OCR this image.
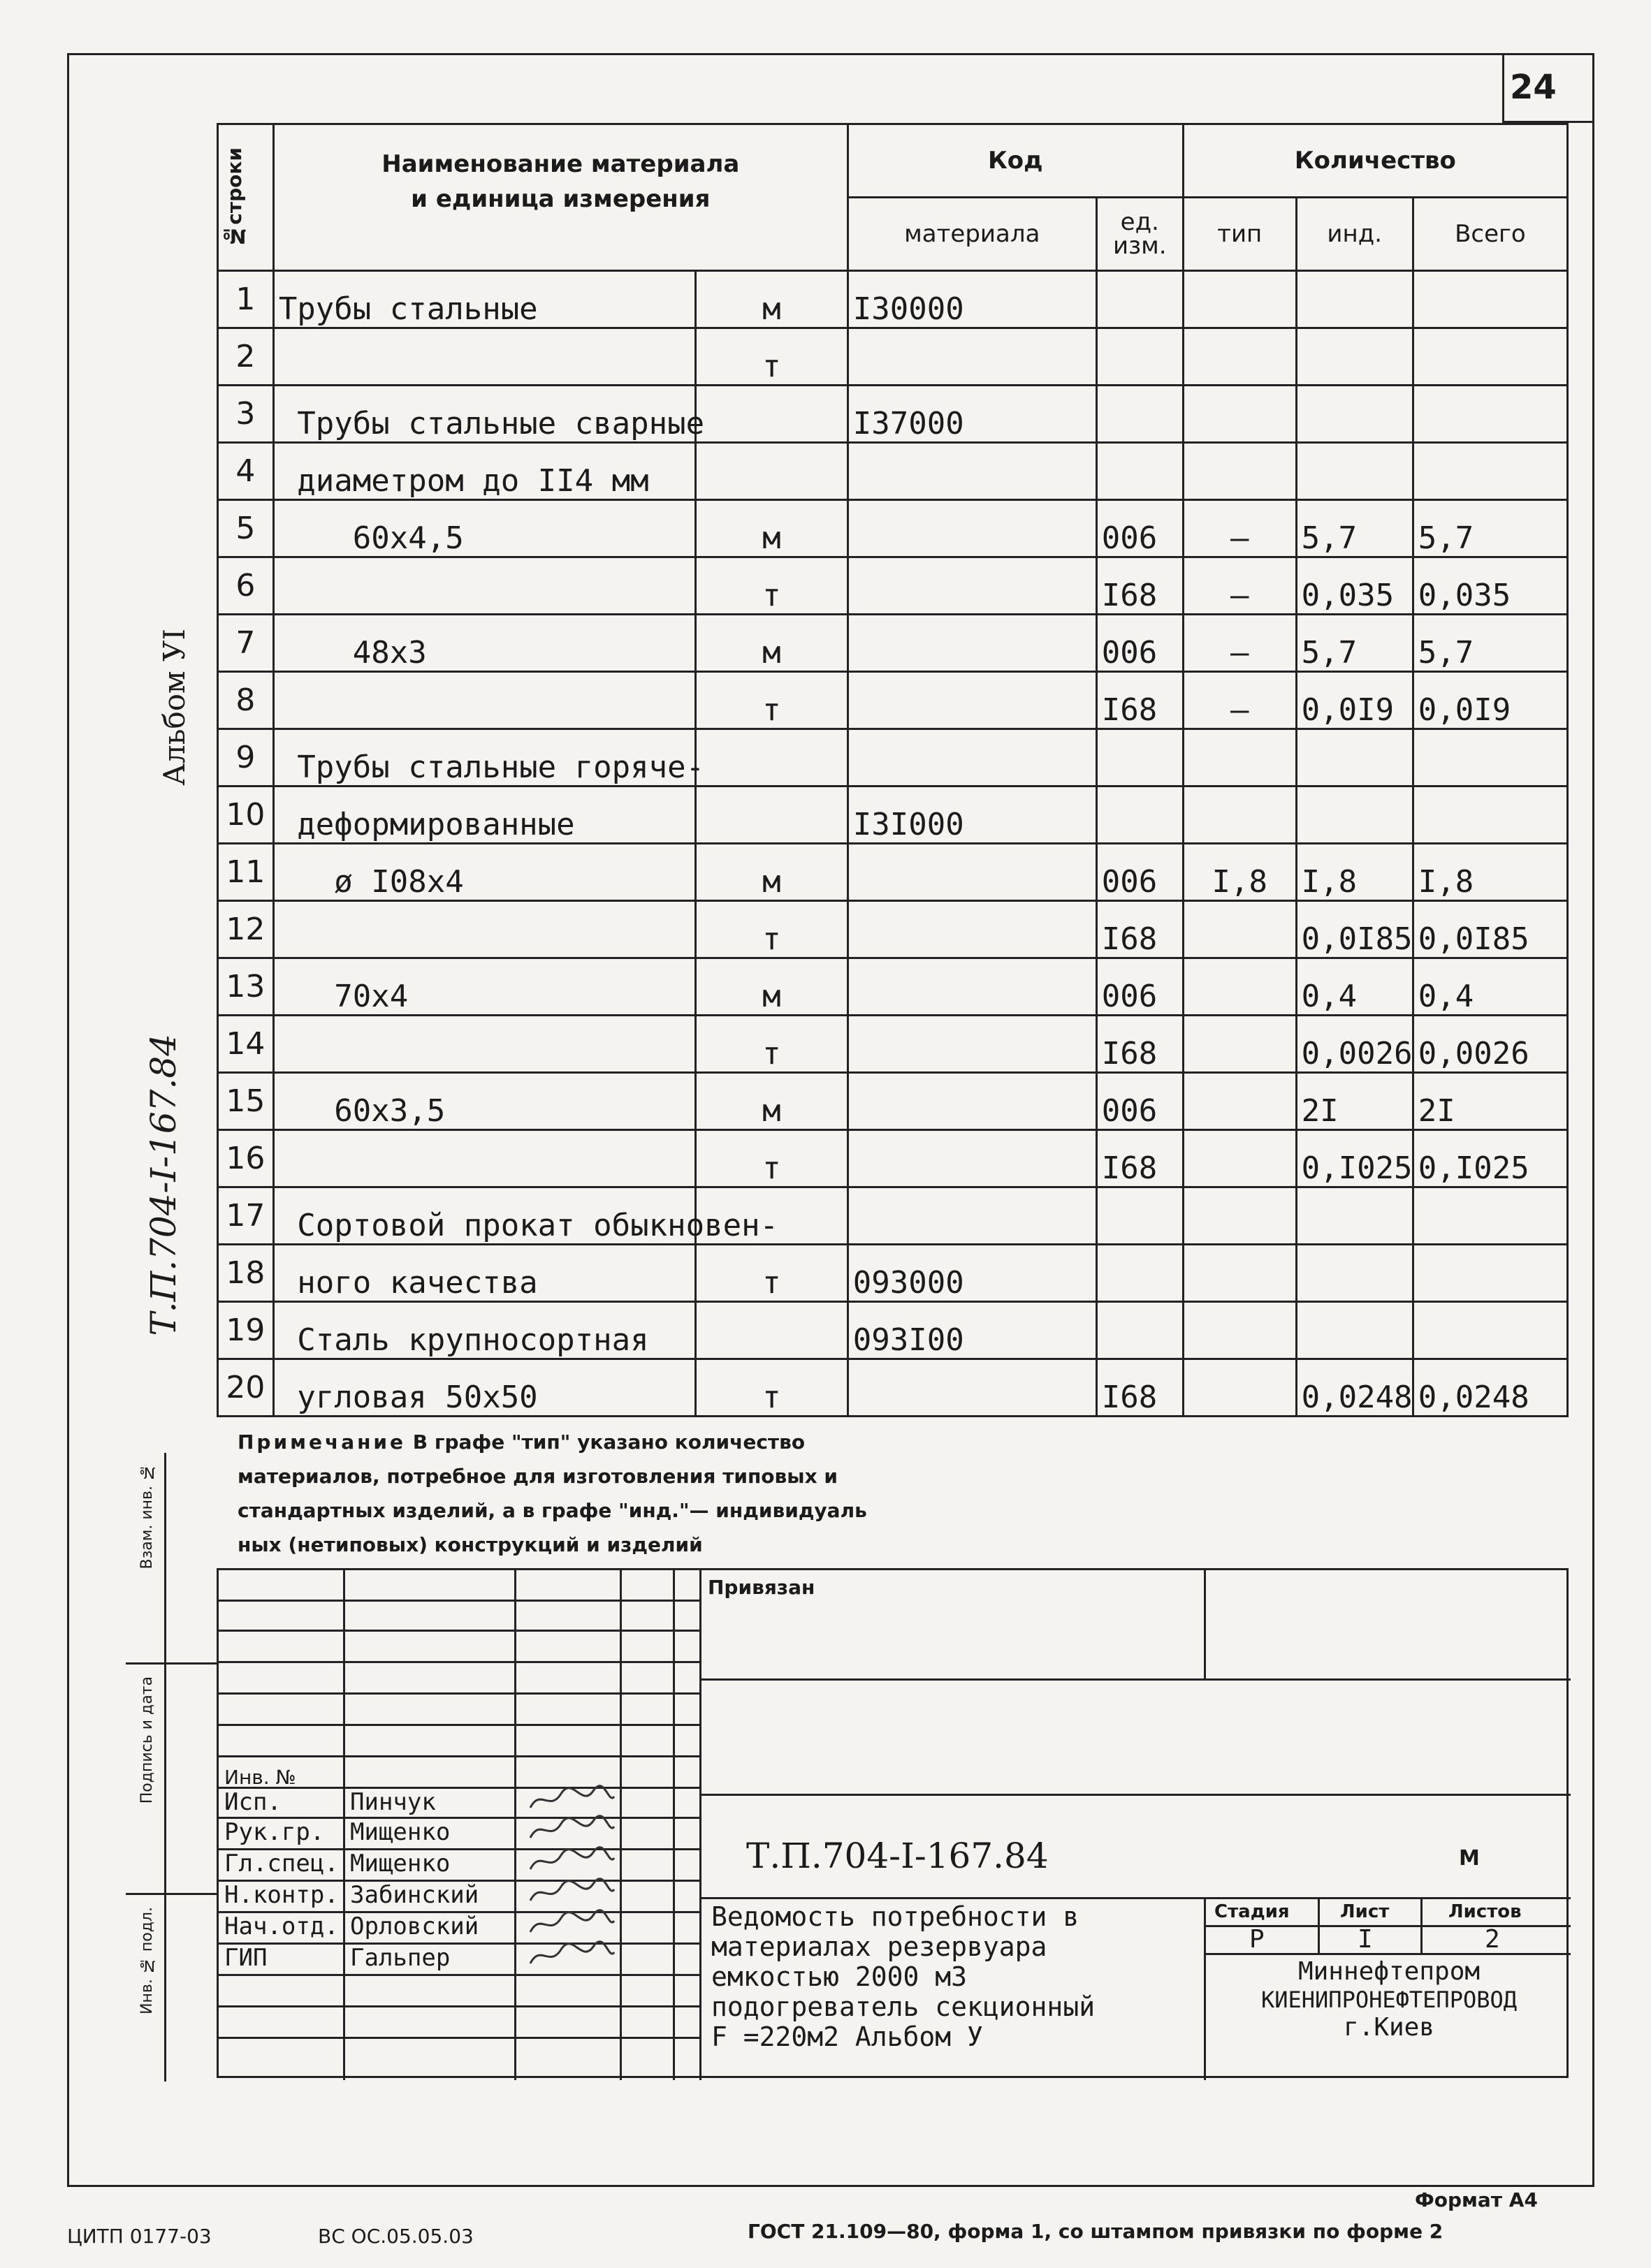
24
Альбом УI
Т.П.704-I-167.84
Взам. инв. №
Подпись и дата
Инв. № подл.
№строки	Наименование материала
и единица измерения		Код		Количество		
			материала	ед. изм.	тип	инд.	Всего
1	Трубы стальные	м	I30000				
2		т					
3	Трубы стальные сварные		I37000				
4	диаметром до II4 мм						
5	60х4,5	м		006	–	5,7	5,7
6		т		I68	–	0,035	0,035
7	48х3	м		006	–	5,7	5,7
8		т		I68	–	0,0I9	0,0I9
9	Трубы стальные горяче-						
10	деформированные		I3I000				
11	ø I08х4	м		006	I,8	I,8	I,8
12		т		I68		0,0I85	0,0I85
13	70х4	м		006		0,4	0,4
14		т		I68		0,0026	0,0026
15	60х3,5	м		006		2I	2I
16		т		I68		0,I025	0,I025
17	Сортовой прокат обыкновен-						
18	ного качества	т	093000				
19	Сталь крупносортная		093I00				
20	угловая 50х50	т		I68		0,0248	0,0248
Примечание В графе "тип" указано количество
материалов, потребное для изготовления типовых и
стандартных изделий, а в графе "инд."— индивидуаль
ных (нетиповых) конструкций и изделий
Привязан
Инв. №
Исп.	Пинчук
Рук.гр. Мищенко
Гл.спец. Мищенко
Н.контр. Забинский
Нач.отд. Орловский
ГИП	Гальпер
Т.П.704-I-167.84	М
Ведомость потребности в
материалах резервуара
емкостью 2000 м3
подогреватель секционный
F =220м2 Альбом У
Стадия	Лист	Листов
Р	I	2
Миннефтепром
КИЕНИПРОНЕФТЕПРОВОД
г.Киев
ЦИТП 0177-03	ВС ОС.05.05.03	ГОСТ 21.109—80, форма 1, со штампом привязки по форме 2
Формат А4
